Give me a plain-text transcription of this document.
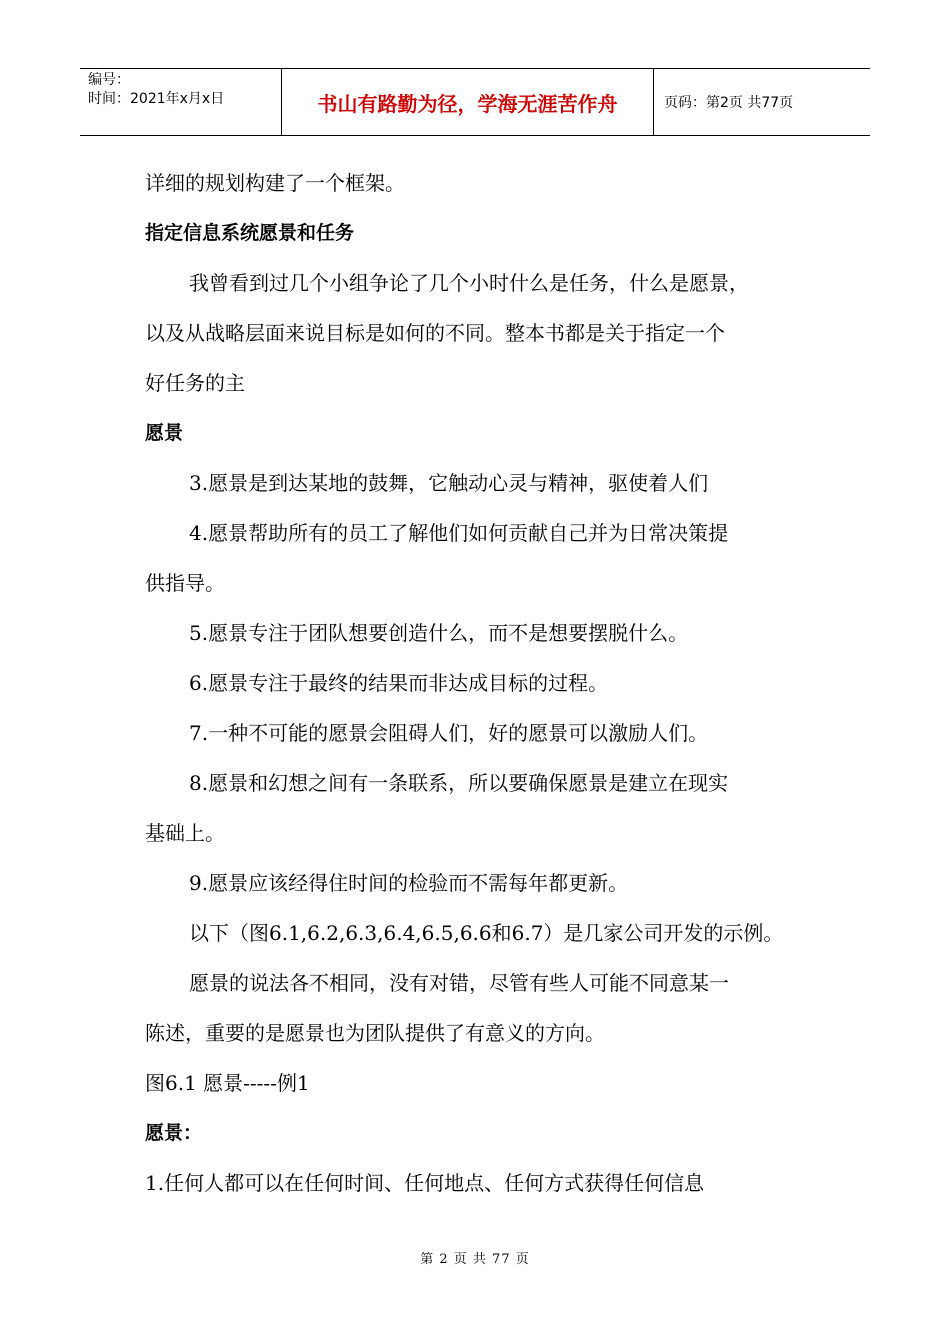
编号：
时间：2021年x月x日	书山有路勤为径，学海无涯苦作舟	页码：第2页 共77页

详细的规划构建了一个框架。

指定信息系统愿景和任务

我曾看到过几个小组争论了几个小时什么是任务，什么是愿景，

以及从战略层面来说目标是如何的不同。整本书都是关于指定一个

好任务的主

愿景

3.愿景是到达某地的鼓舞，它触动心灵与精神，驱使着人们

4.愿景帮助所有的员工了解他们如何贡献自己并为日常决策提

供指导。

5.愿景专注于团队想要创造什么，而不是想要摆脱什么。

6.愿景专注于最终的结果而非达成目标的过程。

7.一种不可能的愿景会阻碍人们，好的愿景可以激励人们。

8.愿景和幻想之间有一条联系，所以要确保愿景是建立在现实

基础上。

9.愿景应该经得住时间的检验而不需每年都更新。

以下（图6.1,6.2,6.3,6.4,6.5,6.6和6.7）是几家公司开发的示例。

愿景的说法各不相同，没有对错，尽管有些人可能不同意某一

陈述，重要的是愿景也为团队提供了有意义的方向。

图6.1 愿景-----例1

愿景：

1.任何人都可以在任何时间、任何地点、任何方式获得任何信息

第 2 页 共 77 页
